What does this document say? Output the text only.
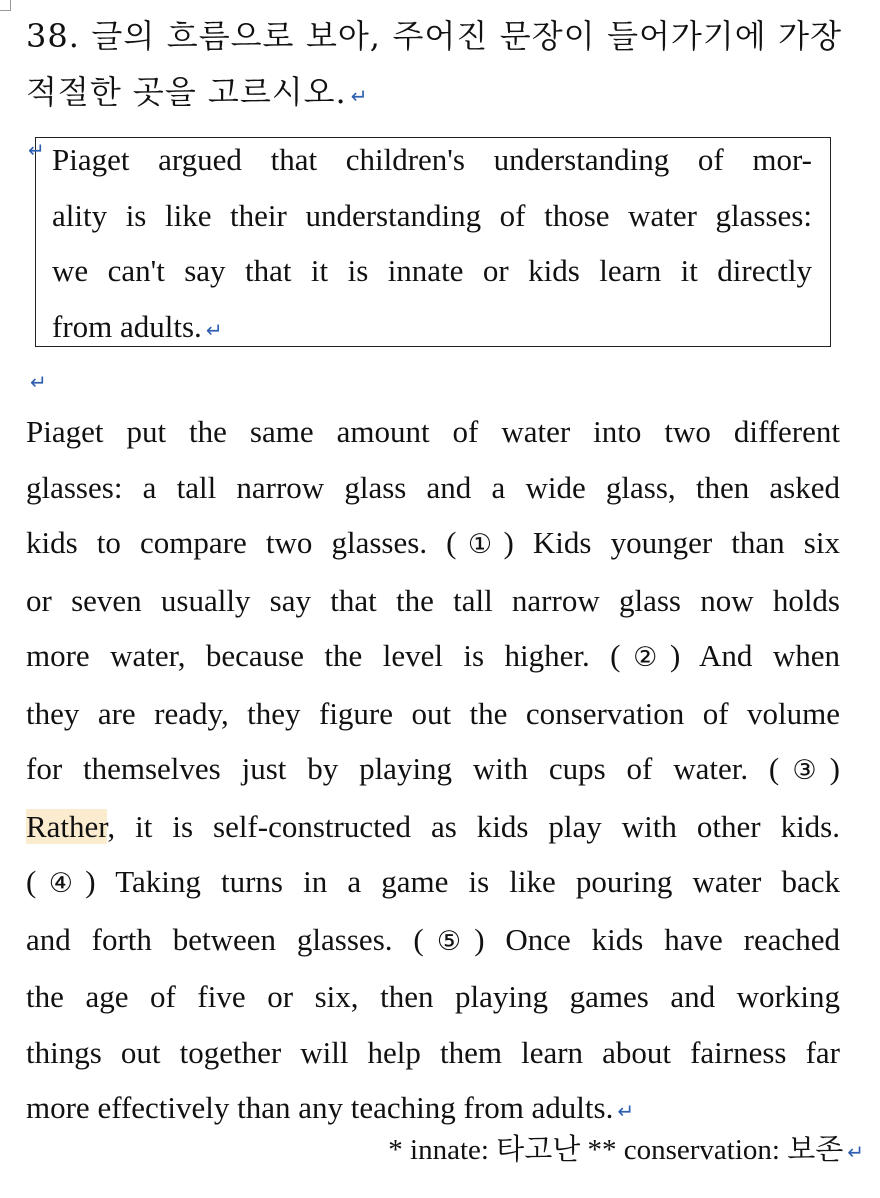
38. 글의 흐름으로 보아, 주어진 문장이 들어가기에 가장
적절한 곳을 고르시오. ↵
↵ Piaget argued that children's understanding of mor-
ality is like their understanding of those water glasses:
we can't say that it is innate or kids learn it directly
from adults. ↵
↵
Piaget put the same amount of water into two different
glasses: a tall narrow glass and a wide glass, then asked
kids to compare two glasses. (①) Kids younger than six
or seven usually say that the tall narrow glass now holds
more water, because the level is higher. (②) And when
they are ready, they figure out the conservation of volume
for themselves just by playing with cups of water. (③)
Rather, it is self-constructed as kids play with other kids.
(④) Taking turns in a game is like pouring water back
and forth between glasses. (⑤) Once kids have reached
the age of five or six, then playing games and working
things out together will help them learn about fairness far
more effectively than any teaching from adults. ↵
* innate: 타고난 ** conservation: 보존 ↵
